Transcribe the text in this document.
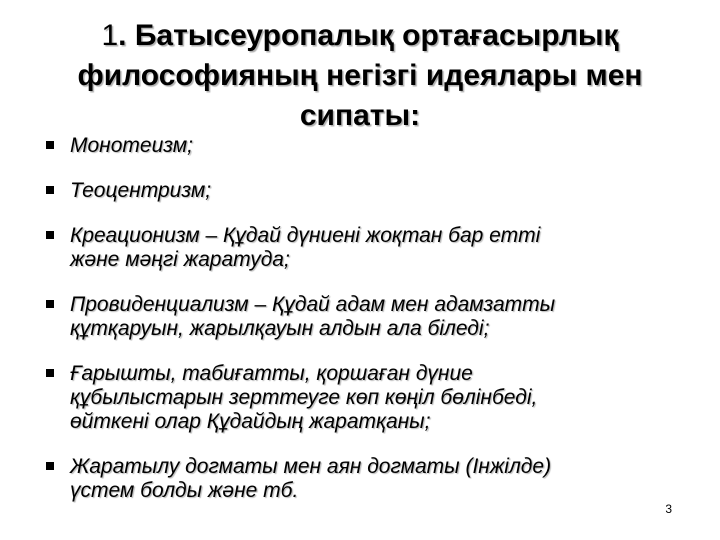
1. Батысеуропалық ортағасырлық
философияның негізгі идеялары мен
сипаты:
Монотеизм;
Теоцентризм;
Креационизм – Құдай дүниені жоқтан бар етті
және мәңгі жаратуда;
Провиденциализм – Құдай адам мен адамзатты
құтқаруын, жарылқауын алдын ала біледі;
Ғарышты, табиғатты, қоршаған дүние
құбылыстарын зерттеуге көп көңіл бөлінбеді,
өйткені олар Құдайдың жаратқаны;
Жаратылу догматы мен аян догматы (Інжілде)
үстем болды және тб.
3
